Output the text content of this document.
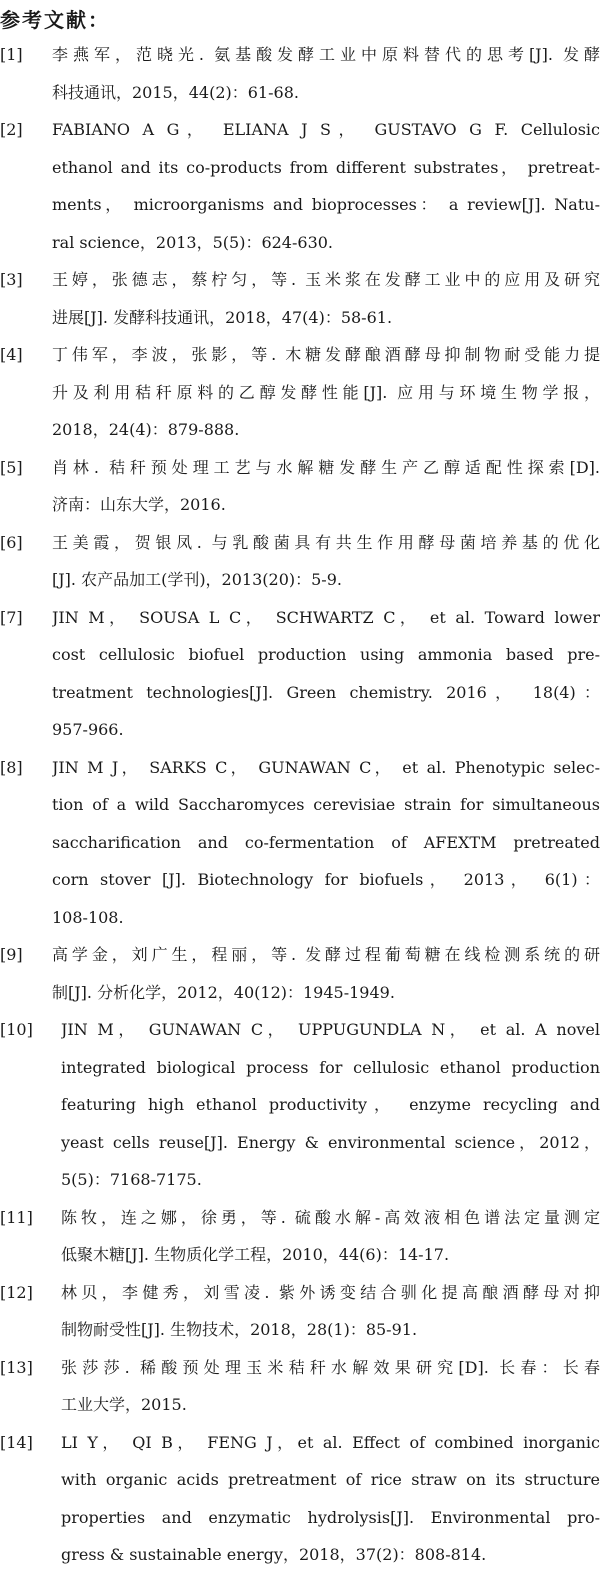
参考文献：
[1] 李燕军，范晓光. 氨基酸发酵工业中原料替代的思考[J]. 发酵
科技通讯，2015，44(2)：61-68.
[2] FABIANO A G， ELIANA J S， GUSTAVO G F. Cellulosic
ethanol and its co-products from different substrates， pretreat-
ments， microorganisms and bioprocesses： a review[J]. Natu-
ral science，2013，5(5)：624-630.
[3] 王婷，张德志，蔡柠匀，等. 玉米浆在发酵工业中的应用及研究
进展[J]. 发酵科技通讯，2018，47(4)：58-61.
[4] 丁伟军，李波，张影，等. 木糖发酵酿酒酵母抑制物耐受能力提
升及利用秸秆原料的乙醇发酵性能[J]. 应用与环境生物学报，
2018，24(4)：879-888.
[5] 肖林. 秸秆预处理工艺与水解糖发酵生产乙醇适配性探索[D].
济南：山东大学，2016.
[6] 王美霞，贺银凤. 与乳酸菌具有共生作用酵母菌培养基的优化
[J]. 农产品加工(学刊)，2013(20)：5-9.
[7] JIN M， SOUSA L C， SCHWARTZ C， et al. Toward lower
cost cellulosic biofuel production using ammonia based pre-
treatment technologies[J]. Green chemistry. 2016， 18(4)：
957-966.
[8] JIN M J， SARKS C， GUNAWAN C， et al. Phenotypic selec-
tion of a wild Saccharomyces cerevisiae strain for simultaneous
saccharification and co-fermentation of AFEXTM pretreated
corn stover [J]. Biotechnology for biofuels， 2013， 6(1)：
108-108.
[9] 高学金，刘广生，程丽，等. 发酵过程葡萄糖在线检测系统的研
制[J]. 分析化学，2012，40(12)：1945-1949.
[10] JIN M， GUNAWAN C， UPPUGUNDLA N， et al. A novel
integrated biological process for cellulosic ethanol production
featuring high ethanol productivity， enzyme recycling and
yeast cells reuse[J]. Energy & environmental science，2012，
5(5)：7168-7175.
[11] 陈牧，连之娜，徐勇，等. 硫酸水解-高效液相色谱法定量测定
低聚木糖[J]. 生物质化学工程，2010，44(6)：14-17.
[12] 林贝，李健秀，刘雪凌. 紫外诱变结合驯化提高酿酒酵母对抑
制物耐受性[J]. 生物技术，2018，28(1)：85-91.
[13] 张莎莎. 稀酸预处理玉米秸秆水解效果研究[D]. 长春：长春
工业大学，2015.
[14] LI Y， QI B， FENG J，et al. Effect of combined inorganic
with organic acids pretreatment of rice straw on its structure
properties and enzymatic hydrolysis[J]. Environmental pro-
gress & sustainable energy，2018，37(2)：808-814.
